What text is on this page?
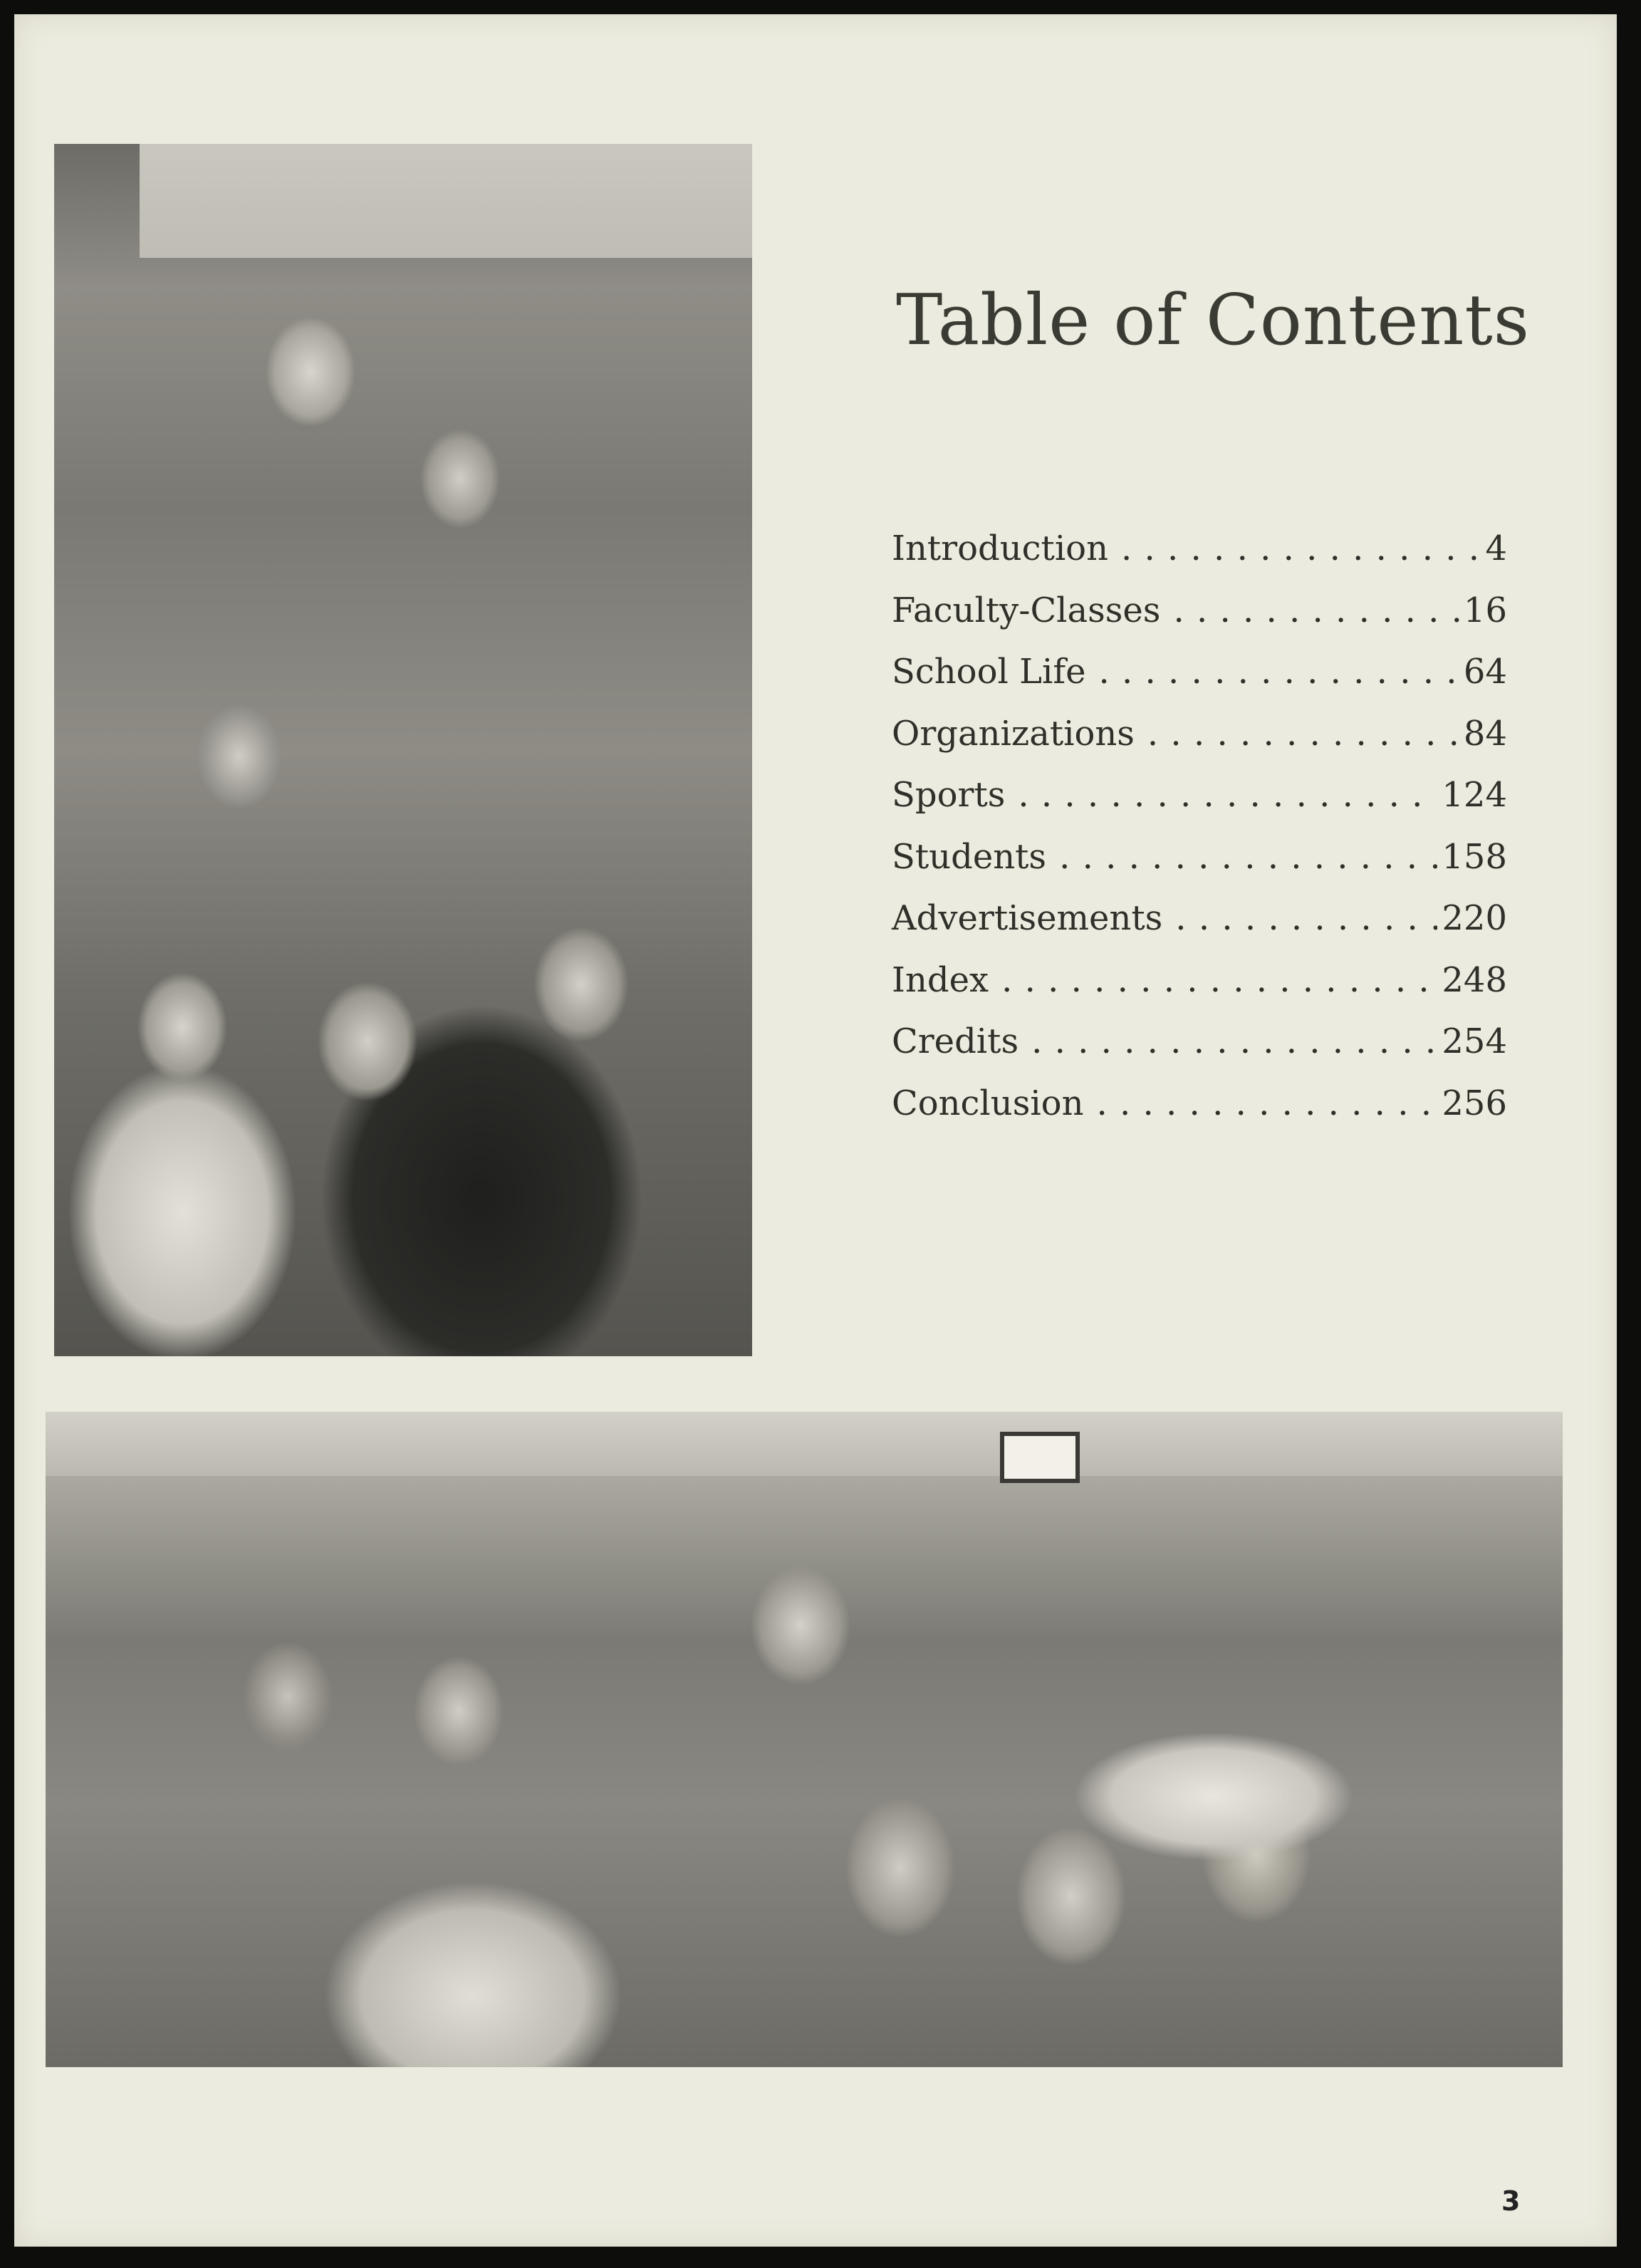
Table of Contents
Introduction . . .	4
Faculty-Classes . . .	16
School Life . . .	64
Organizations . . .	84
Sports . . .	124
Students . . .	158
Advertisements . . .	220
Index . . .	248
Credits . . .	254
Conclusion . . .	256
3
